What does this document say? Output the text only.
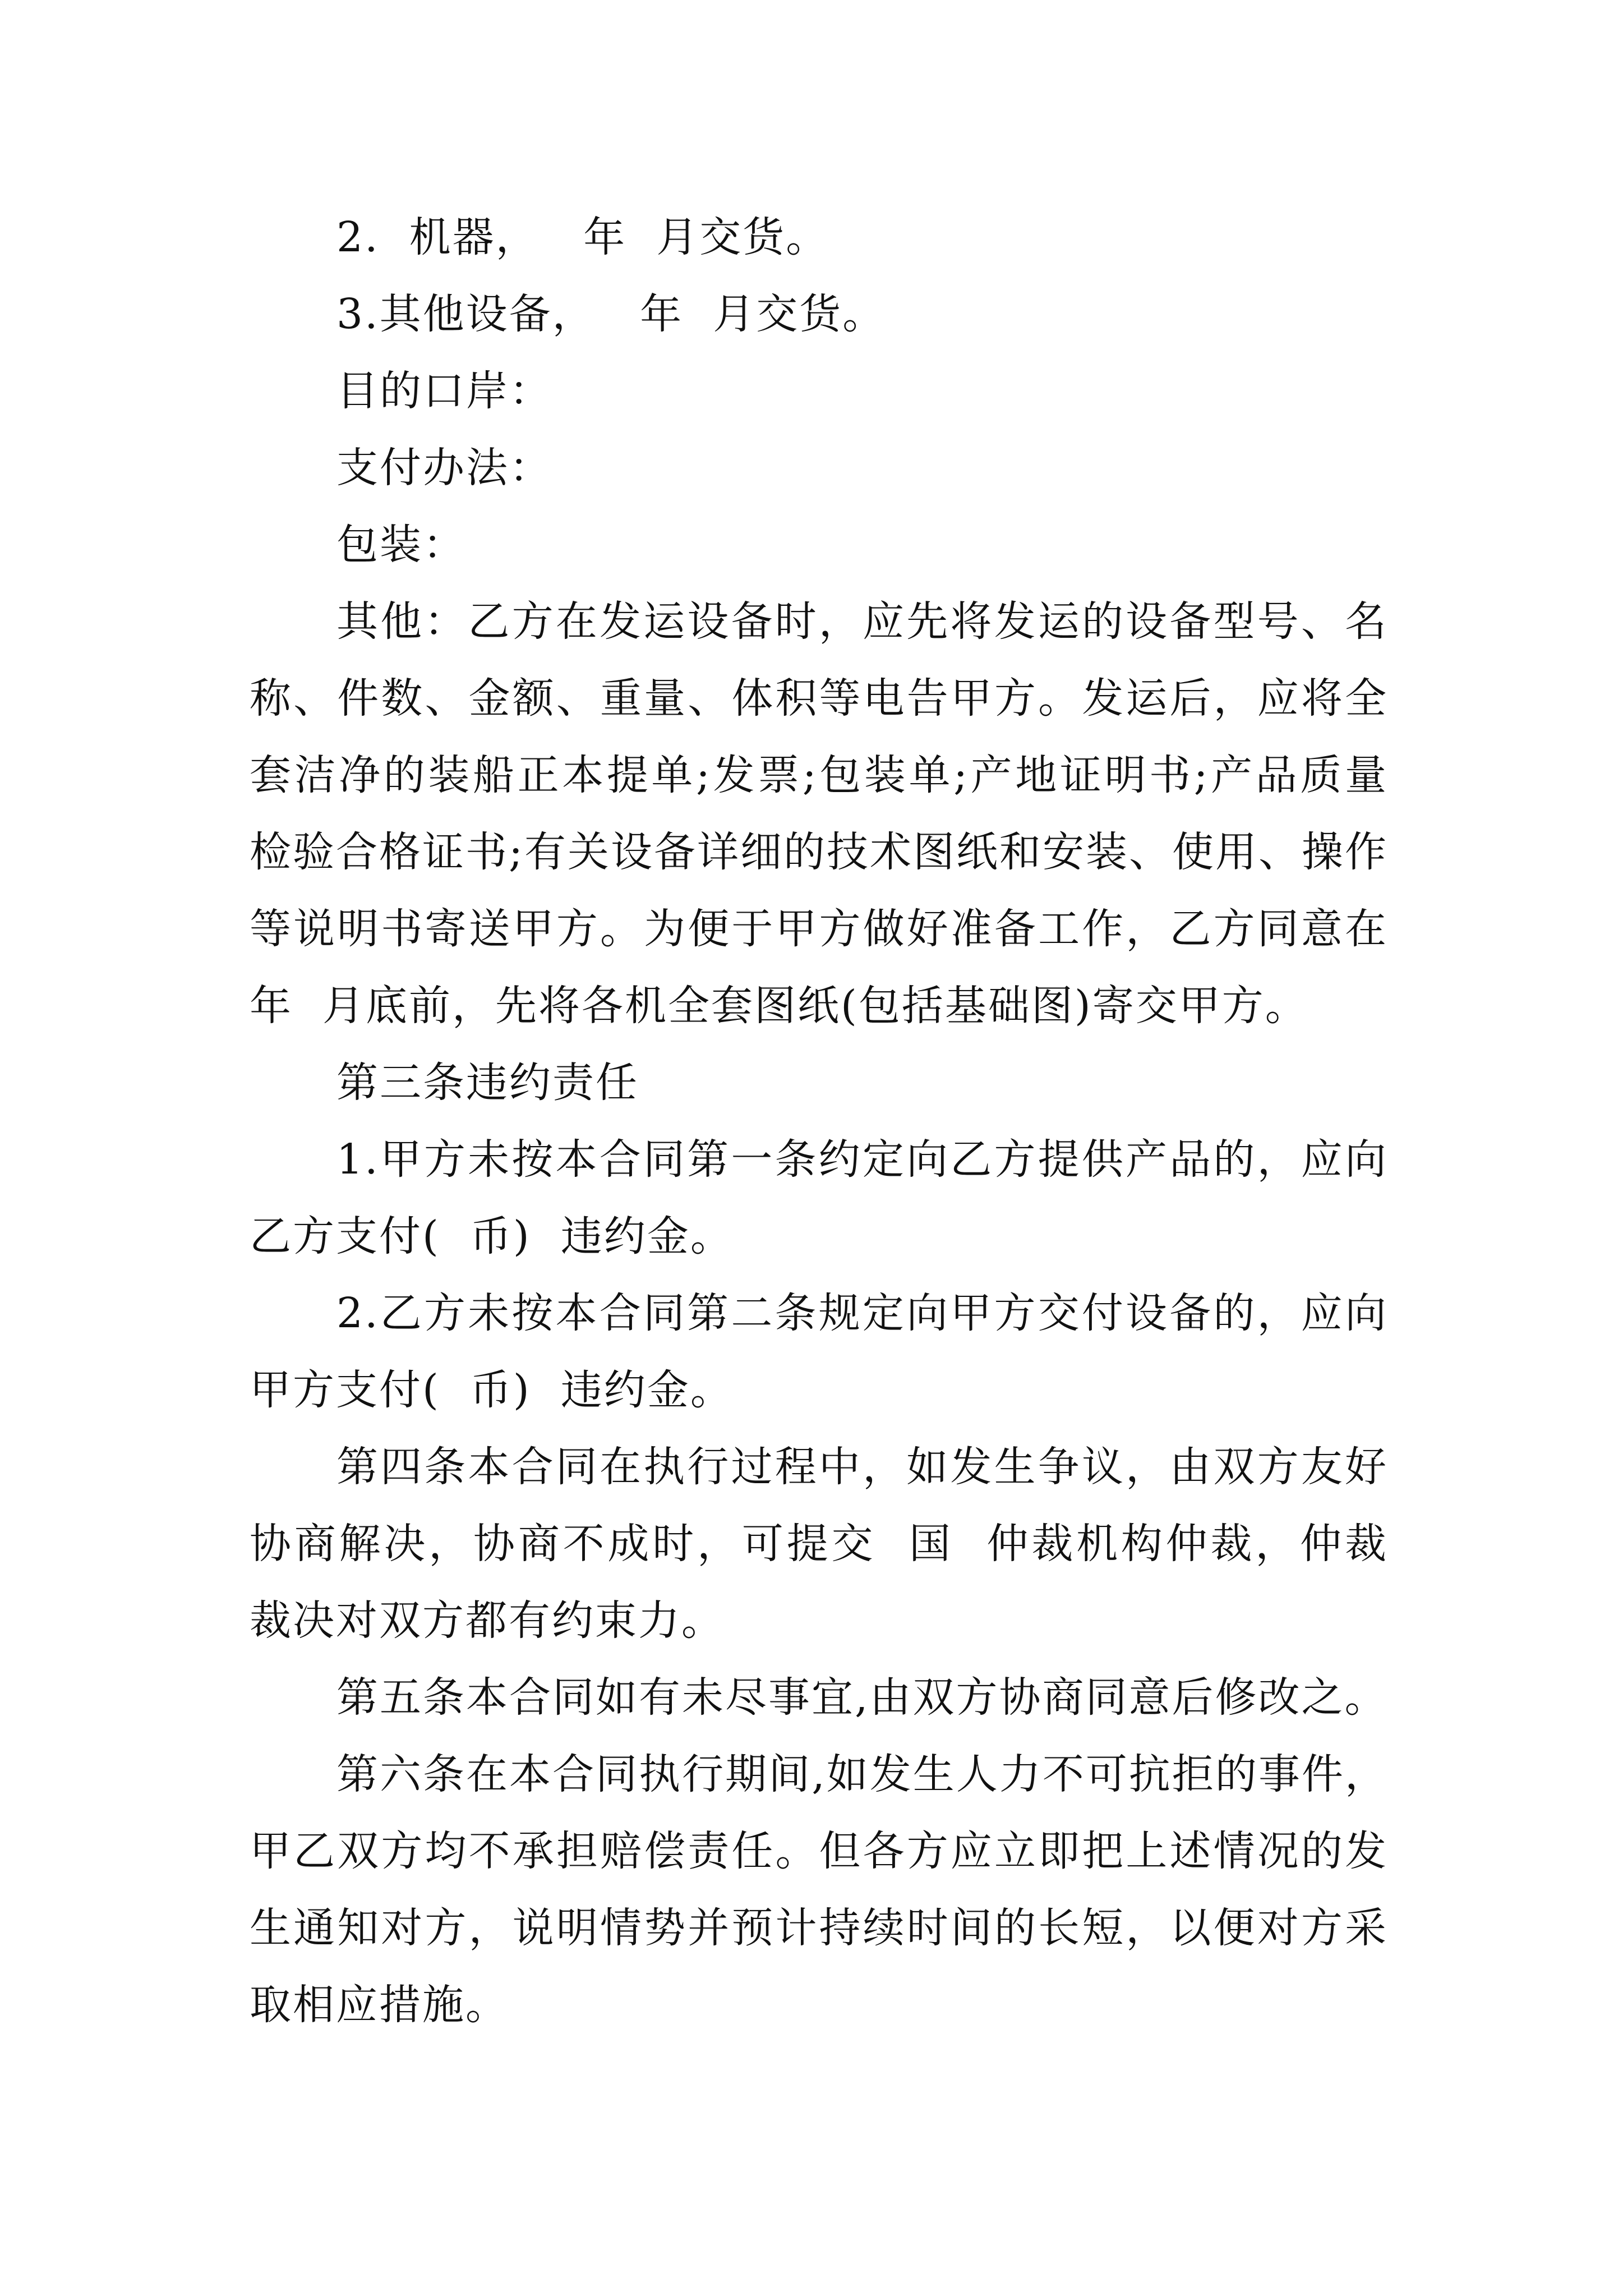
2.  机器，   年  月交货。

3.其他设备，   年  月交货。

目的口岸：

支付办法：

包装：

其他：乙方在发运设备时，应先将发运的设备型号、名称、件数、金额、重量、体积等电告甲方。发运后，应将全套洁净的装船正本提单;发票;包装单;产地证明书;产品质量检验合格证书;有关设备详细的技术图纸和安装、使用、操作等说明书寄送甲方。为便于甲方做好准备工作，乙方同意在  年  月底前，先将各机全套图纸(包括基础图)寄交甲方。

第三条违约责任

1.甲方未按本合同第一条约定向乙方提供产品的，应向乙方支付(  币)  违约金。

2.乙方未按本合同第二条规定向甲方交付设备的，应向甲方支付(  币)  违约金。

第四条本合同在执行过程中，如发生争议，由双方友好协商解决，协商不成时，可提交  国  仲裁机构仲裁，仲裁裁决对双方都有约束力。

第五条本合同如有未尽事宜,由双方协商同意后修改之。

第六条在本合同执行期间,如发生人力不可抗拒的事件，甲乙双方均不承担赔偿责任。但各方应立即把上述情况的发生通知对方，说明情势并预计持续时间的长短，以便对方采取相应措施。
